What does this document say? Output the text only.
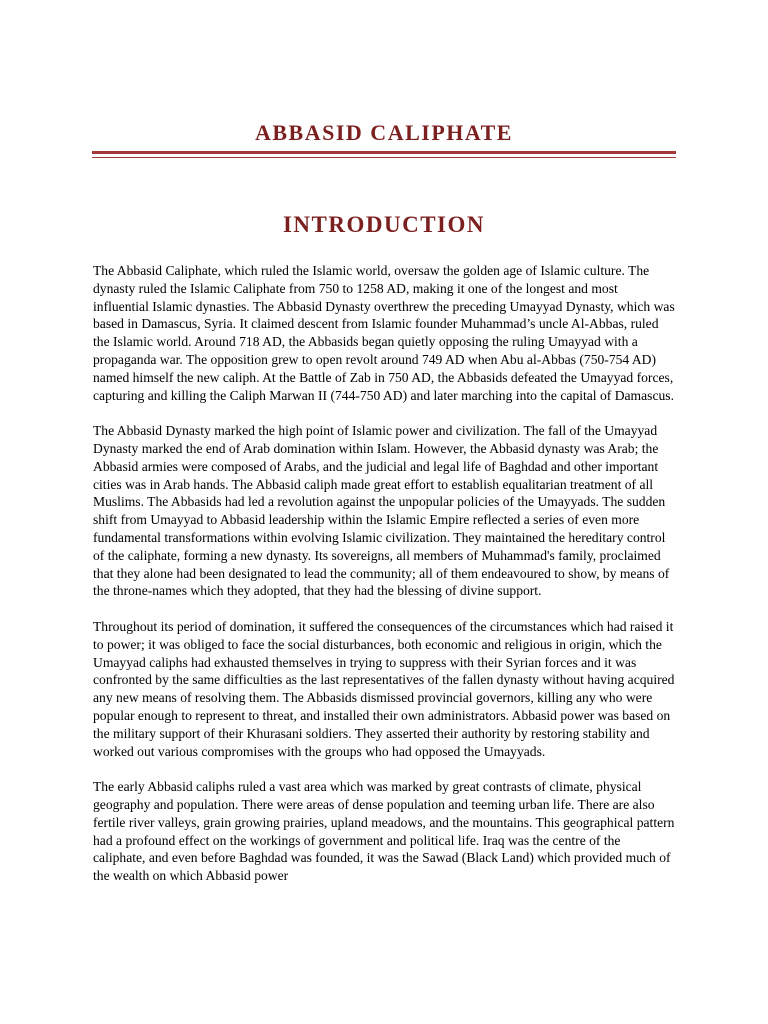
ABBASID CALIPHATE
INTRODUCTION

The Abbasid Caliphate, which ruled the Islamic world, oversaw the golden age of Islamic culture. The dynasty ruled the Islamic Caliphate from 750 to 1258 AD, making it one of the longest and most influential Islamic dynasties. The Abbasid Dynasty overthrew the preceding Umayyad Dynasty, which was based in Damascus, Syria. It claimed descent from Islamic founder Muhammad’s uncle Al-Abbas, ruled the Islamic world. Around 718 AD, the Abbasids began quietly opposing the ruling Umayyad with a propaganda war. The opposition grew to open revolt around 749 AD when Abu al-Abbas (750-754 AD) named himself the new caliph. At the Battle of Zab in 750 AD, the Abbasids defeated the Umayyad forces, capturing and killing the Caliph Marwan II (744-750 AD) and later marching into the capital of Damascus.

The Abbasid Dynasty marked the high point of Islamic power and civilization. The fall of the Umayyad Dynasty marked the end of Arab domination within Islam. However, the Abbasid dynasty was Arab; the Abbasid armies were composed of Arabs, and the judicial and legal life of Baghdad and other important cities was in Arab hands. The Abbasid caliph made great effort to establish equalitarian treatment of all Muslims. The Abbasids had led a revolution against the unpopular policies of the Umayyads. The sudden shift from Umayyad to Abbasid leadership within the Islamic Empire reflected a series of even more fundamental transformations within evolving Islamic civilization. They maintained the hereditary control of the caliphate, forming a new dynasty. Its sovereigns, all members of Muhammad's family, proclaimed that they alone had been designated to lead the community; all of them endeavoured to show, by means of the throne-names which they adopted, that they had the blessing of divine support.

Throughout its period of domination, it suffered the consequences of the circumstances which had raised it to power; it was obliged to face the social disturbances, both economic and religious in origin, which the Umayyad caliphs had exhausted themselves in trying to suppress with their Syrian forces and it was confronted by the same difficulties as the last representatives of the fallen dynasty without having acquired any new means of resolving them. The Abbasids dismissed provincial governors, killing any who were popular enough to represent to threat, and installed their own administrators. Abbasid power was based on the military support of their Khurasani soldiers. They asserted their authority by restoring stability and worked out various compromises with the groups who had opposed the Umayyads.

The early Abbasid caliphs ruled a vast area which was marked by great contrasts of climate, physical geography and population. There were areas of dense population and teeming urban life. There are also fertile river valleys, grain growing prairies, upland meadows, and the mountains. This geographical pattern had a profound effect on the workings of government and political life. Iraq was the centre of the caliphate, and even before Baghdad was founded, it was the Sawad (Black Land) which provided much of the wealth on which Abbasid power
